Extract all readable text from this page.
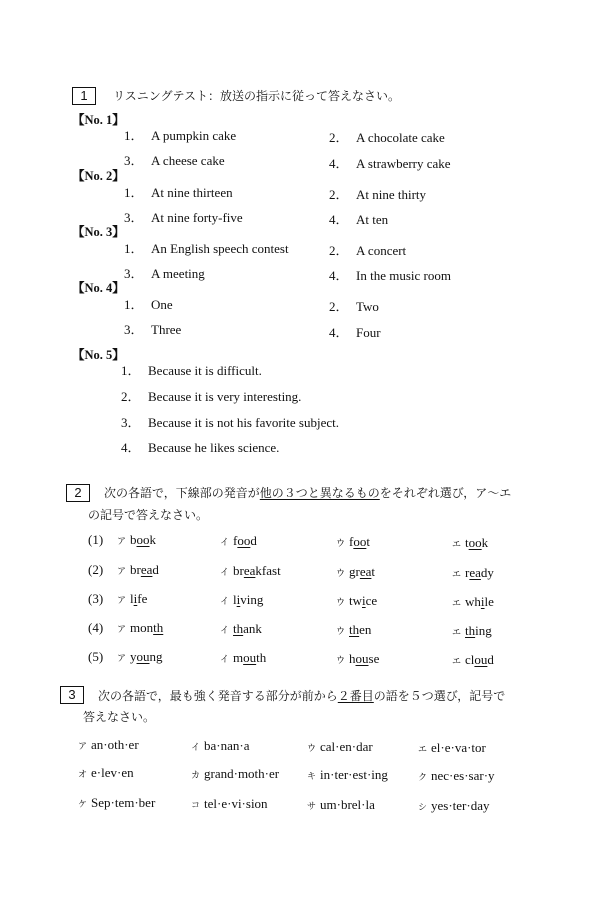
1	リスニングテスト：放送の指示に従って答えなさい。
【No. 1】
1． A pumpkin cake	2． A chocolate cake
3． A cheese cake	4． A strawberry cake
【No. 2】
1． At nine thirteen	2． At nine thirty
3． At nine forty-five	4． At ten
【No. 3】
1． An English speech contest	2． A concert
3． A meeting	4． In the music room
【No. 4】
1． One	2． Two
3． Three	4． Four
【No. 5】
1． Because it is difficult.
2． Because it is very interesting.
3． Because it is not his favorite subject.
4． Because he likes science.
2	次の各語で，下線部の発音が他の３つと異なるものをそれぞれ選び，ア～エ
の記号で答えなさい。
(1) ア book	イ food	ウ foot	エ took
(2) ア bread	イ breakfast	ウ great	エ ready
(3) ア life	イ living	ウ twice	エ while
(4) ア month	イ thank	ウ then	エ thing
(5) ア young	イ mouth	ウ house	エ cloud
3	次の各語で，最も強く発音する部分が前から２番目の語を５つ選び，記号で
答えなさい。
ア an·oth·er	イ ba·nan·a	ウ cal·en·dar	エ el·e·va·tor
オ e·lev·en	カ grand·moth·er	キ in·ter·est·ing	ク nec·es·sar·y
ケ Sep·tem·ber	コ tel·e·vi·sion	サ um·brel·la	シ yes·ter·day
